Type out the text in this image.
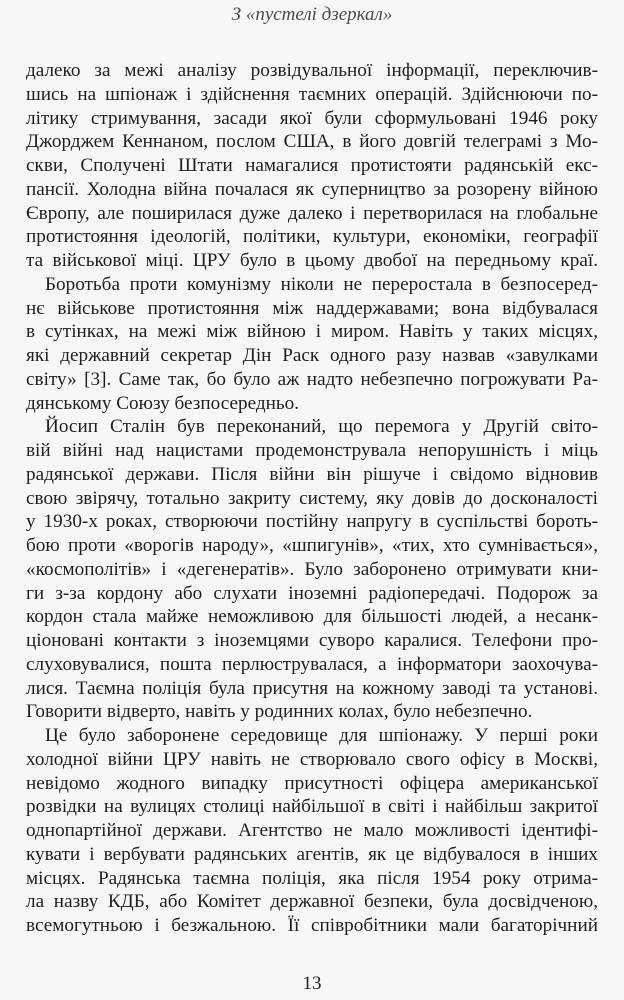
З «пустелі дзеркал»
далеко за межі аналізу розвідувальної інформації, переключив-
шись на шпіонаж і здійснення таємних операцій. Здійснюючи по-
літику стримування, засади якої були сформульовані 1946 року
Джорджем Кеннаном, послом США, в його довгій телеграмі з Мо-
скви, Сполучені Штати намагалися протистояти радянській екс-
пансії. Холодна війна почалася як суперництво за розорену війною
Європу, але поширилася дуже далеко і перетворилася на глобальне
протистояння ідеологій, політики, культури, економіки, географії
та військової міці. ЦРУ було в цьому двобої на передньому краї.
Боротьба проти комунізму ніколи не переростала в безпосеред-
нє військове протистояння між наддержавами; вона відбувалася
в сутінках, на межі між війною і миром. Навіть у таких місцях,
які державний секретар Дін Раск одного разу назвав «завулками
світу» [3]. Саме так, бо було аж надто небезпечно погрожувати Ра-
дянському Союзу безпосередньо.
Йосип Сталін був переконаний, що перемога у Другій світо-
вій війні над нацистами продемонструвала непорушність і міць
радянської держави. Після війни він рішуче і свідомо відновив
свою звірячу, тотально закриту систему, яку довів до досконалості
у 1930-х роках, створюючи постійну напругу в суспільстві бороть-
бою проти «ворогів народу», «шпигунів», «тих, хто сумнівається»,
«космополітів» і «дегенератів». Було заборонено отримувати кни-
ги з-за кордону або слухати іноземні радіопередачі. Подорож за
кордон стала майже неможливою для більшості людей, а несанк-
ціоновані контакти з іноземцями суворо каралися. Телефони про-
слуховувалися, пошта перлюструвалася, а інформатори заохочува-
лися. Таємна поліція була присутня на кожному заводі та установі.
Говорити відверто, навіть у родинних колах, було небезпечно.
Це було заборонене середовище для шпіонажу. У перші роки
холодної війни ЦРУ навіть не створювало свого офісу в Москві,
невідомо жодного випадку присутності офіцера американської
розвідки на вулицях столиці найбільшої в світі і найбільш закритої
однопартійної держави. Агентство не мало можливості ідентифі-
кувати і вербувати радянських агентів, як це відбувалося в інших
місцях. Радянська таємна поліція, яка після 1954 року отрима-
ла назву КДБ, або Комітет державної безпеки, була досвідченою,
всемогутньою і безжальною. Її співробітники мали багаторічний
13
